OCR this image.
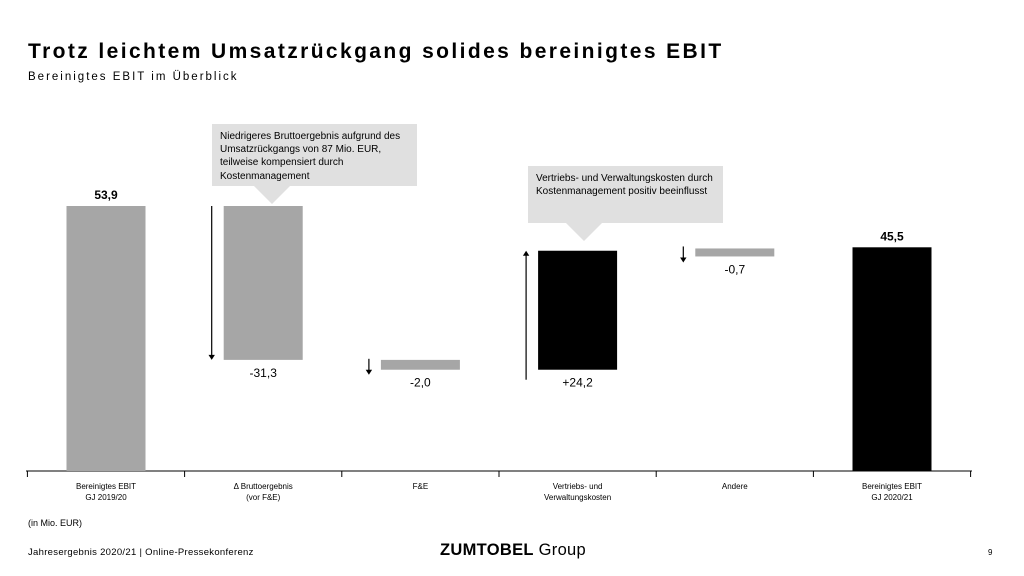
Trotz leichtem Umsatzrückgang solides bereinigtes EBIT
Bereinigtes EBIT im Überblick
53,9
Bereinigtes EBIT
GJ 2019/20
-31,3
Δ Bruttoergebnis
(vor F&E)
-2,0
F&E
+24,2
Vertriebs- und
Verwaltungskosten
-0,7
Andere
45,5
Bereinigtes EBIT
GJ 2020/21
Niedrigeres Bruttoergebnis aufgrund des Umsatzrückgangs von 87 Mio. EUR, teilweise kompensiert durch Kostenmanagement	Vertriebs- und Verwaltungskosten durch Kostenmanagement positiv beeinflusst
(in Mio. EUR)
Jahresergebnis 2020/21 | Online-Pressekonferenz	ZUMTOBEL Group	9
